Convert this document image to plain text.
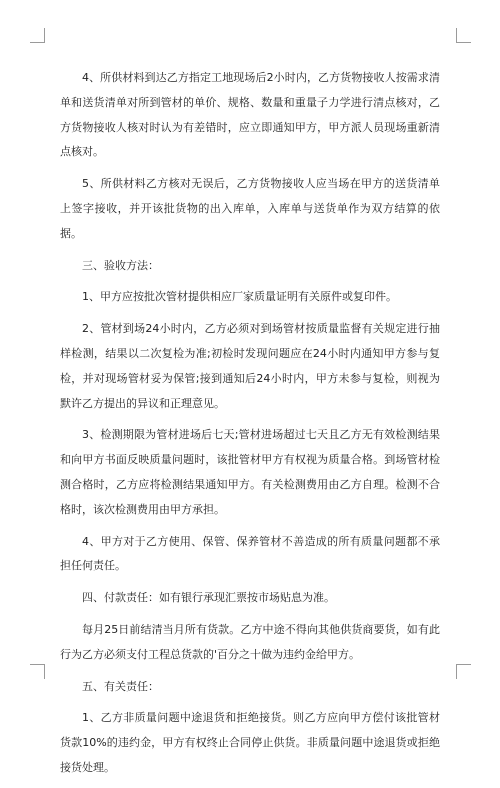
4、所供材料到达乙方指定工地现场后2小时内，乙方货物接收人按需求清单和送货清单对所到管材的单价、规格、数量和重量子力学进行清点核对，乙方货物接收人核对时认为有差错时，应立即通知甲方，甲方派人员现场重新清点核对。

5、所供材料乙方核对无误后，乙方货物接收人应当场在甲方的送货清单上签字接收，并开该批货物的出入库单，入库单与送货单作为双方结算的依据。

三、验收方法：

1、甲方应按批次管材提供相应厂家质量证明有关原件或复印件。

2、管材到场24小时内，乙方必须对到场管材按质量监督有关规定进行抽样检测，结果以二次复检为准;初检时发现问题应在24小时内通知甲方参与复检，并对现场管材妥为保管;接到通知后24小时内，甲方未参与复检，则视为默许乙方提出的异议和正理意见。

3、检测期限为管材进场后七天;管材进场超过七天且乙方无有效检测结果和向甲方书面反映质量问题时，该批管材甲方有权视为质量合格。到场管材检测合格时，乙方应将检测结果通知甲方。有关检测费用由乙方自理。检测不合格时，该次检测费用由甲方承担。

4、甲方对于乙方使用、保管、保养管材不善造成的所有质量问题都不承担任何责任。

四、付款责任：如有银行承现汇票按市场贴息为准。

每月25日前结清当月所有货款。乙方中途不得向其他供货商要货，如有此行为乙方必须支付工程总货款的'百分之十做为违约金给甲方。

五、有关责任：

1、乙方非质量问题中途退货和拒绝接货。则乙方应向甲方偿付该批管材货款10%的违约金，甲方有权终止合同停止供货。非质量问题中途退货或拒绝接货处理。
